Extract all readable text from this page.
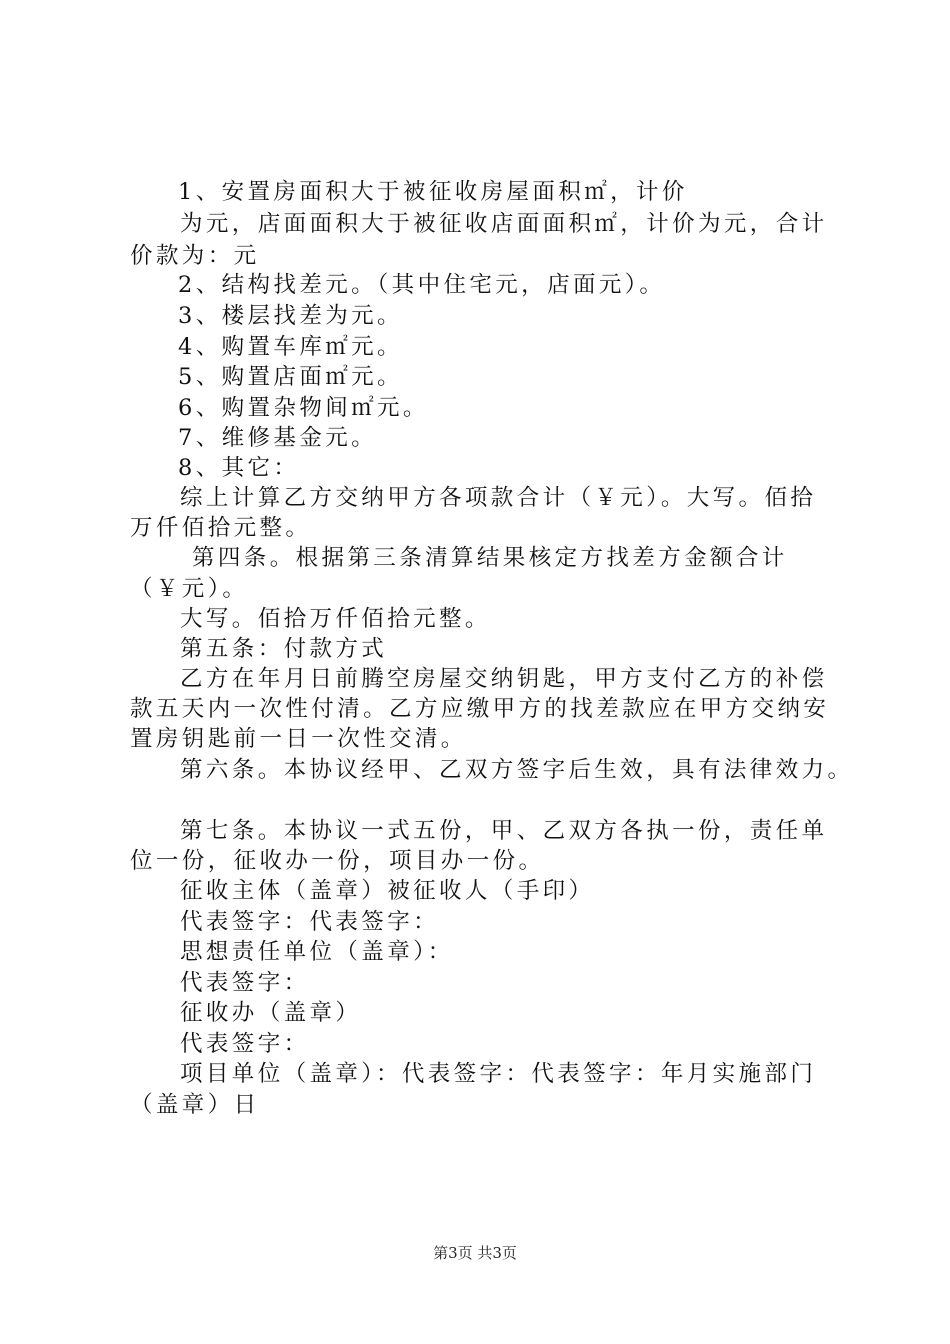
1、安置房面积大于被征收房屋面积㎡，计价
为元，店面面积大于被征收店面面积㎡，计价为元，合计
价款为：元
2、结构找差元。（其中住宅元，店面元）。
3、楼层找差为元。
4、购置车库㎡元。
5、购置店面㎡元。
6、购置杂物间㎡元。
7、维修基金元。
8、其它：
综上计算乙方交纳甲方各项款合计（￥元）。大写。佰拾
万仟佰拾元整。
第四条。根据第三条清算结果核定方找差方金额合计
（￥元）。
大写。佰拾万仟佰拾元整。
第五条：付款方式
乙方在年月日前腾空房屋交纳钥匙，甲方支付乙方的补偿
款五天内一次性付清。乙方应缴甲方的找差款应在甲方交纳安
置房钥匙前一日一次性交清。
第六条。本协议经甲、乙双方签字后生效，具有法律效力。
第七条。本协议一式五份，甲、乙双方各执一份，责任单
位一份，征收办一份，项目办一份。
征收主体（盖章）被征收人（手印）
代表签字：代表签字：
思想责任单位（盖章）：
代表签字：
征收办（盖章）
代表签字：
项目单位（盖章）：代表签字：代表签字：年月实施部门
（盖章）日
第3页 共3页
